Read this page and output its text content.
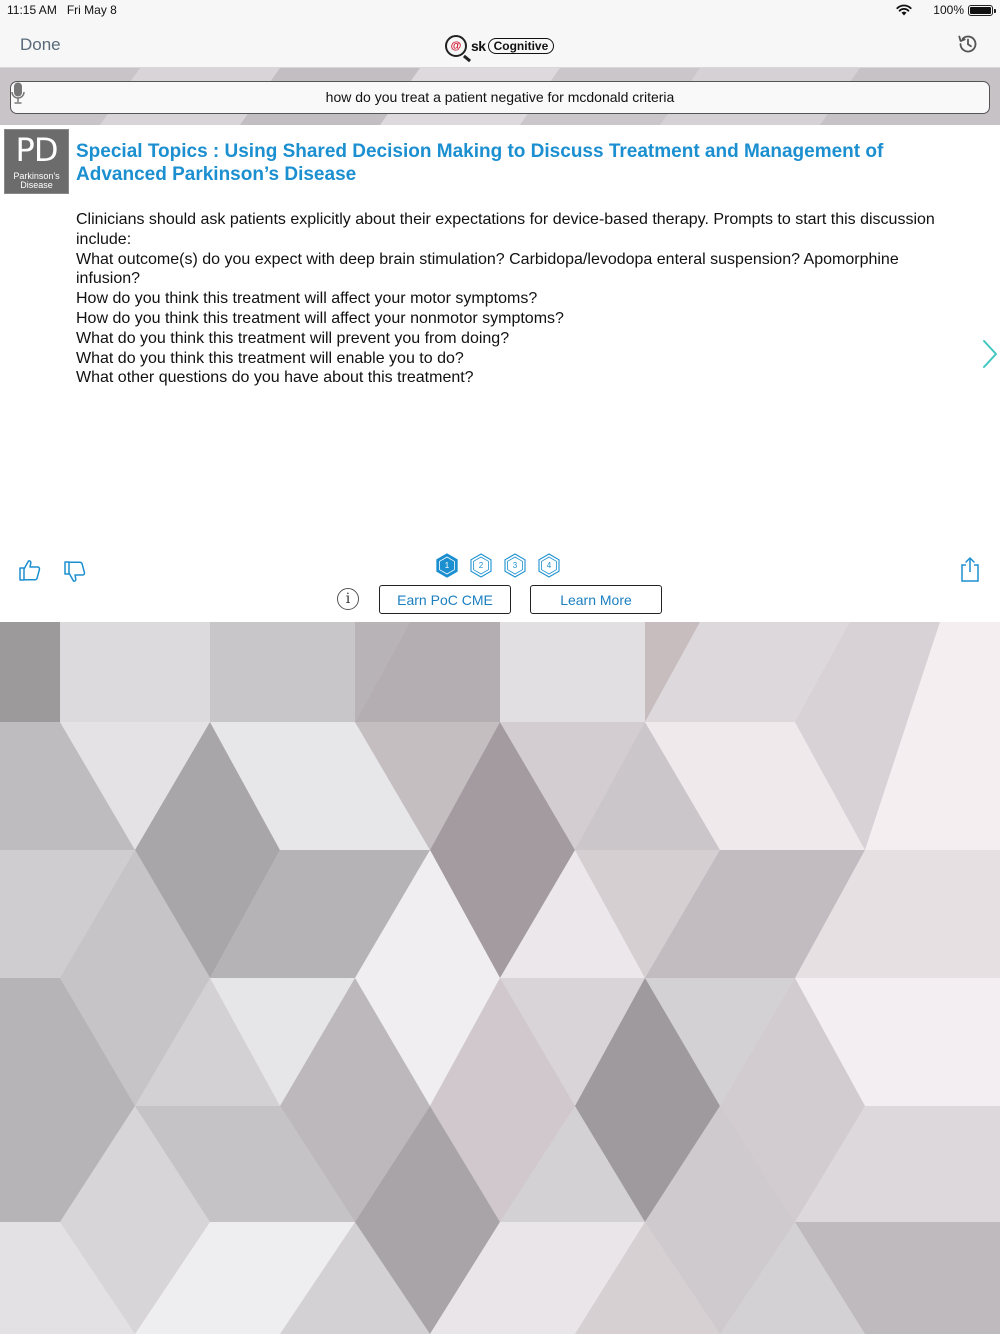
11:15 AM Fri May 8	100%
Done	@ sk Cognitive
how do you treat a patient negative for mcdonald criteria
PD
Parkinson’s
Disease
Special Topics : Using Shared Decision Making to Discuss Treatment and Management of Advanced Parkinson’s Disease
Clinicians should ask patients explicitly about their expectations for device-based therapy. Prompts to start this discussion include:
What outcome(s) do you expect with deep brain stimulation? Carbidopa/levodopa enteral suspension? Apomorphine infusion?
How do you think this treatment will affect your motor symptoms?
How do you think this treatment will affect your nonmotor symptoms?
What do you think this treatment will prevent you from doing?
What do you think this treatment will enable you to do?
What other questions do you have about this treatment?
1	2	3	4
i	Earn PoC CME	Learn More
